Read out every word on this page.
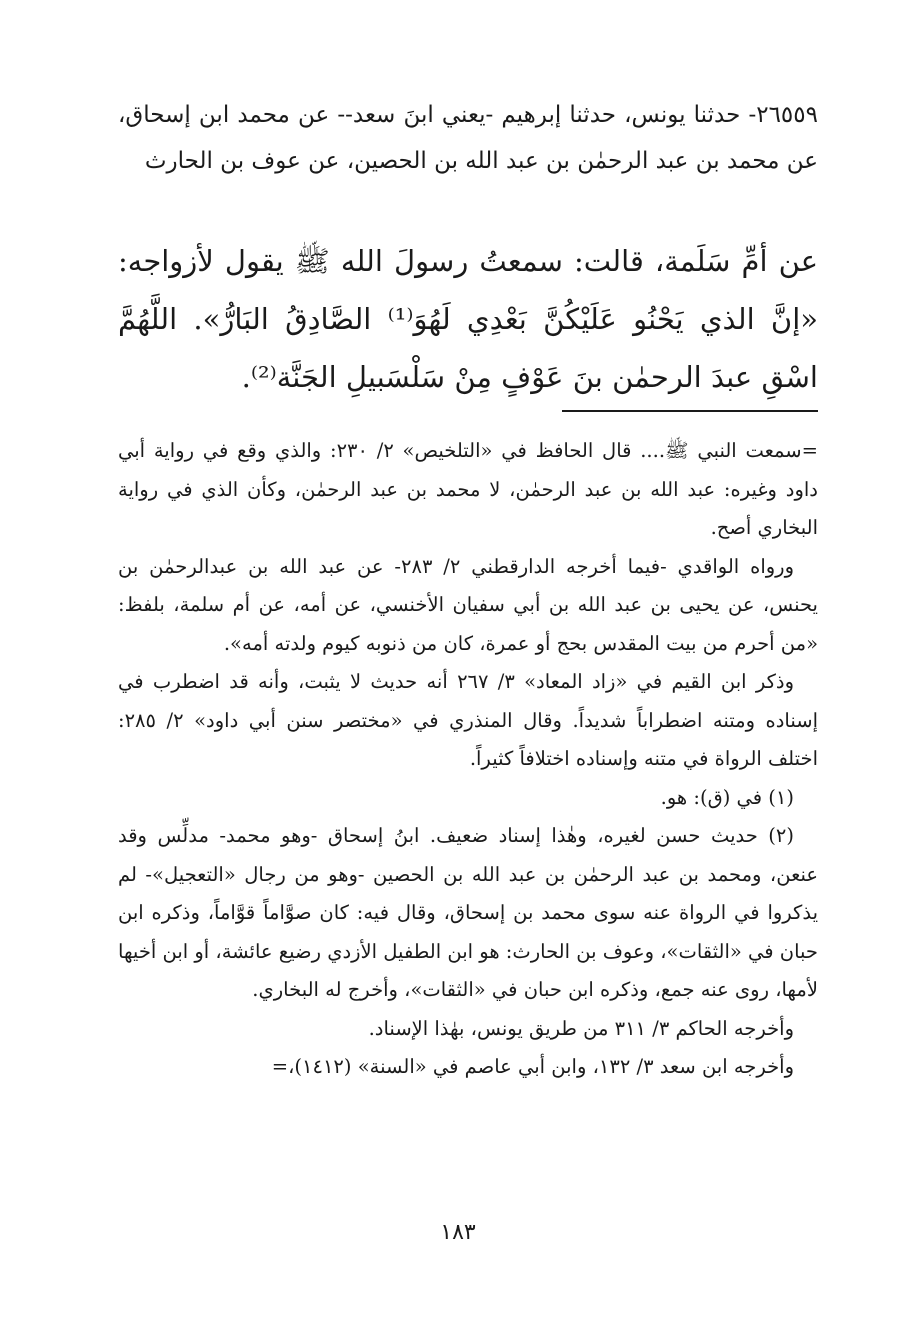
٢٦٥٥٩- حدثنا يونس، حدثنا إبرهيم -يعني ابنَ سعد-- عن محمد ابن إسحاق، عن محمد بن عبد الرحمٰن بن عبد الله بن الحصين، عن عوف بن الحارث

عن أمِّ سَلَمة، قالت: سمعتُ رسولَ الله ﷺ يقول لأزواجه: «إنَّ الذي يَحْنُو عَلَيْكُنَّ بَعْدِي لَهُوَ⁽¹⁾ الصَّادِقُ البَارُّ». اللَّهُمَّ اسْقِ عبدَ الرحمٰن بنَ عَوْفٍ مِنْ سَلْسَبيلِ الجَنَّة⁽²⁾.

=سمعت النبي ﷺ.... قال الحافظ في «التلخيص» ٢/ ٢٣٠: والذي وقع في رواية أبي داود وغيره: عبد الله بن عبد الرحمٰن، لا محمد بن عبد الرحمٰن، وكأن الذي في رواية البخاري أصح.

ورواه الواقدي -فيما أخرجه الدارقطني ٢/ ٢٨٣- عن عبد الله بن عبدالرحمٰن بن يحنس، عن يحيى بن عبد الله بن أبي سفيان الأخنسي، عن أمه، عن أم سلمة، بلفظ: «من أحرم من بيت المقدس بحج أو عمرة، كان من ذنوبه كيوم ولدته أمه».

وذكر ابن القيم في «زاد المعاد» ٣/ ٢٦٧ أنه حديث لا يثبت، وأنه قد اضطرب في إسناده ومتنه اضطراباً شديداً. وقال المنذري في «مختصر سنن أبي داود» ٢/ ٢٨٥: اختلف الرواة في متنه وإسناده اختلافاً كثيراً.

(١) في (ق): هو.

(٢) حديث حسن لغيره، وهٰذا إسناد ضعيف. ابنُ إسحاق -وهو محمد- مدلِّس وقد عنعن، ومحمد بن عبد الرحمٰن بن عبد الله بن الحصين -وهو من رجال «التعجيل»- لم يذكروا في الرواة عنه سوى محمد بن إسحاق، وقال فيه: كان صوَّاماً قوَّاماً، وذكره ابن حبان في «الثقات»، وعوف بن الحارث: هو ابن الطفيل الأزدي رضيع عائشة، أو ابن أخيها لأمها، روى عنه جمع، وذكره ابن حبان في «الثقات»، وأخرج له البخاري.

وأخرجه الحاكم ٣/ ٣١١ من طريق يونس، بهٰذا الإسناد.

وأخرجه ابن سعد ٣/ ١٣٢، وابن أبي عاصم في «السنة» (١٤١٢)،=

١٨٣
